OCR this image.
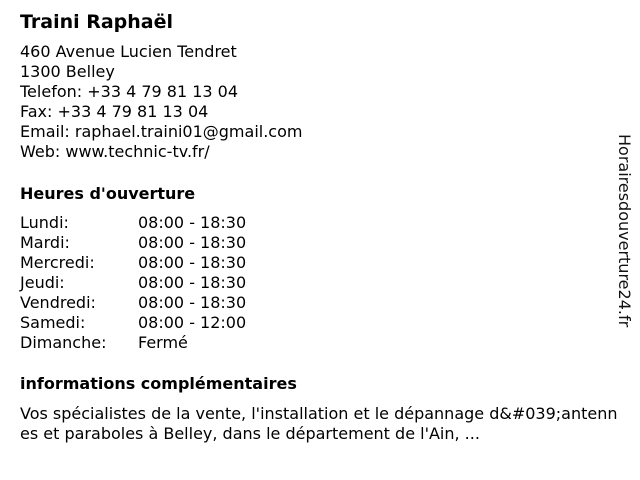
Traini Raphaël
460 Avenue Lucien Tendret
1300 Belley
Telefon: +33 4 79 81 13 04
Fax: +33 4 79 81 13 04
Email: raphael.traini01@gmail.com
Web: www.technic-tv.fr/
Heures d'ouverture
Lundi:	08:00 - 18:30
Mardi:	08:00 - 18:30
Mercredi:	08:00 - 18:30
Jeudi:	08:00 - 18:30
Vendredi:	08:00 - 18:30
Samedi:	08:00 - 12:00
Dimanche:	Fermé
informations complémentaires

Vos spécialistes de la vente, l'installation et le dépannage d&#039;antennes et paraboles à Belley, dans le département de l'Ain, ...

Horairesdouverture24.fr
